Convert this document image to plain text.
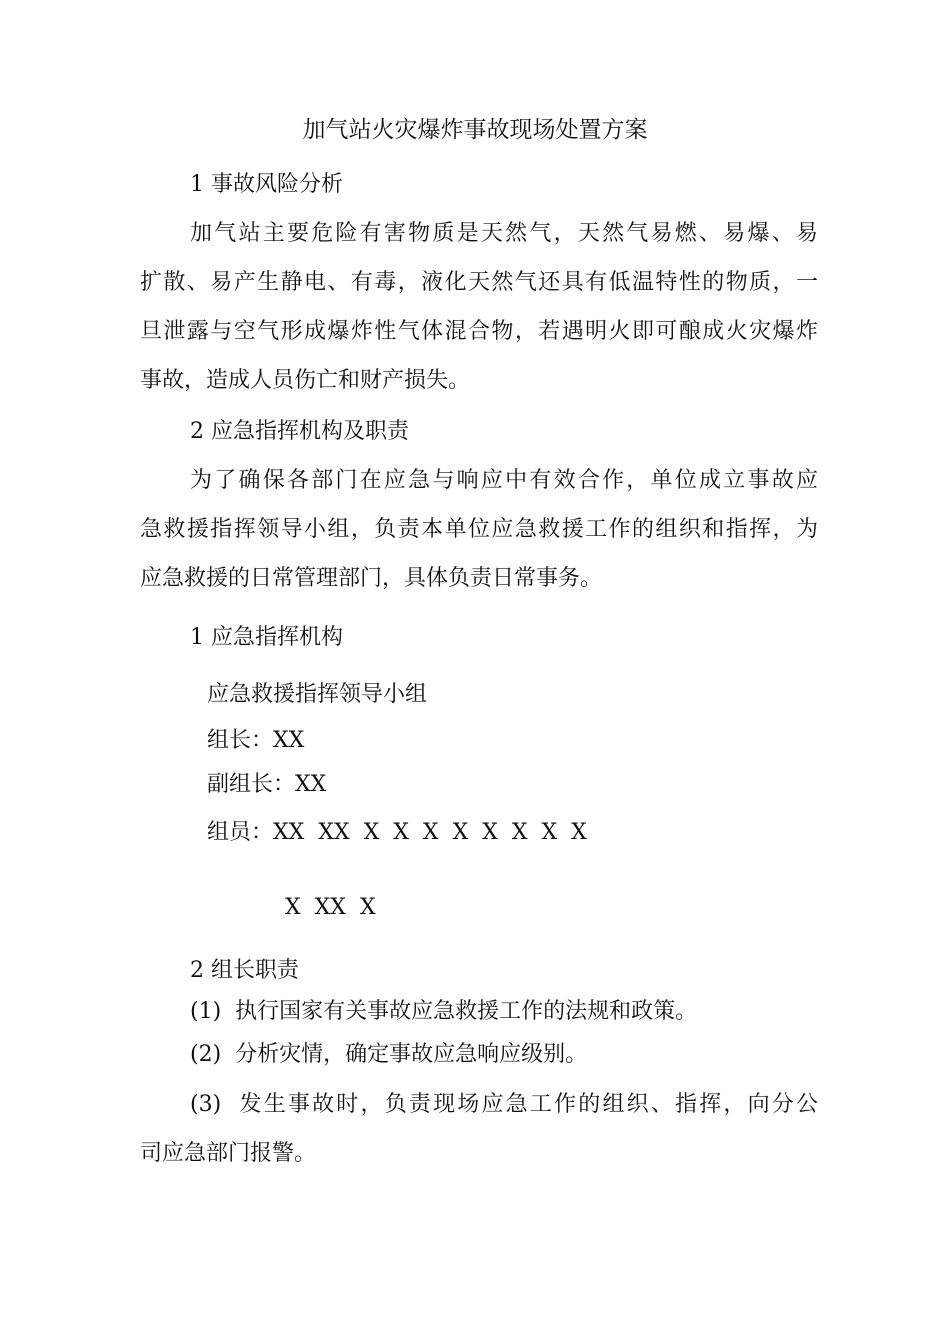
加气站火灾爆炸事故现场处置方案
1 事故风险分析
加气站主要危险有害物质是天然气，天然气易燃、易爆、易
扩散、易产生静电、有毒，液化天然气还具有低温特性的物质，一
旦泄露与空气形成爆炸性气体混合物，若遇明火即可酿成火灾爆炸
事故，造成人员伤亡和财产损失。
2 应急指挥机构及职责
为了确保各部门在应急与响应中有效合作，单位成立事故应
急救援指挥领导小组，负责本单位应急救援工作的组织和指挥，为
应急救援的日常管理部门，具体负责日常事务。
1 应急指挥机构
应急救援指挥领导小组
组长：XX
副组长：XX
组员：XX  XX  X  X  X  X  X  X  X  X
X  XX  X
2 组长职责
(1)  执行国家有关事故应急救援工作的法规和政策。
(2)  分析灾情，确定事故应急响应级别。
(3)  发生事故时，负责现场应急工作的组织、指挥，向分公
司应急部门报警。
